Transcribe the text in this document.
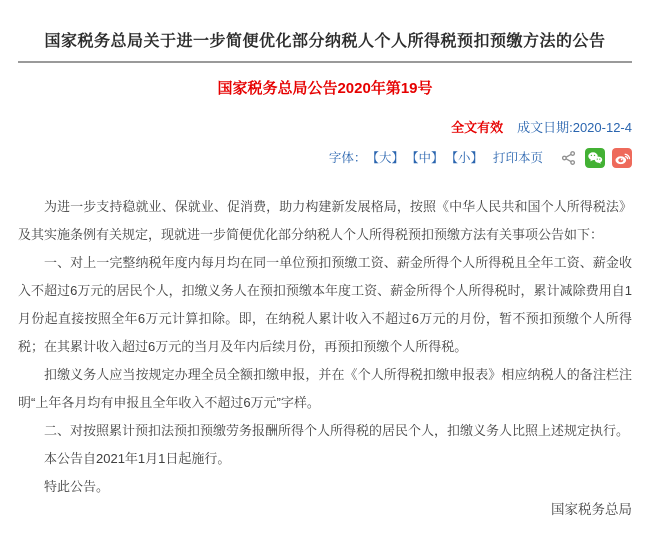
国家税务总局关于进一步简便优化部分纳税人个人所得税预扣预缴方法的公告
国家税务总局公告2020年第19号
全文有效 成文日期:2020-12-4
字体： 【大】 【中】 【小】 打印本页

为进一步支持稳就业、保就业、促消费，助力构建新发展格局，按照《中华人民共和国个人所得税法》及其实施条例有关规定，现就进一步简便优化部分纳税人个人所得税预扣预缴方法有关事项公告如下：

一、对上一完整纳税年度内每月均在同一单位预扣预缴工资、薪金所得个人所得税且全年工资、薪金收入不超过6万元的居民个人，扣缴义务人在预扣预缴本年度工资、薪金所得个人所得税时，累计减除费用自1月份起直接按照全年6万元计算扣除。即，在纳税人累计收入不超过6万元的月份，暂不预扣预缴个人所得税；在其累计收入超过6万元的当月及年内后续月份，再预扣预缴个人所得税。

扣缴义务人应当按规定办理全员全额扣缴申报，并在《个人所得税扣缴申报表》相应纳税人的备注栏注明“上年各月均有申报且全年收入不超过6万元”字样。

二、对按照累计预扣法预扣预缴劳务报酬所得个人所得税的居民个人，扣缴义务人比照上述规定执行。

本公告自2021年1月1日起施行。

特此公告。

国家税务总局
